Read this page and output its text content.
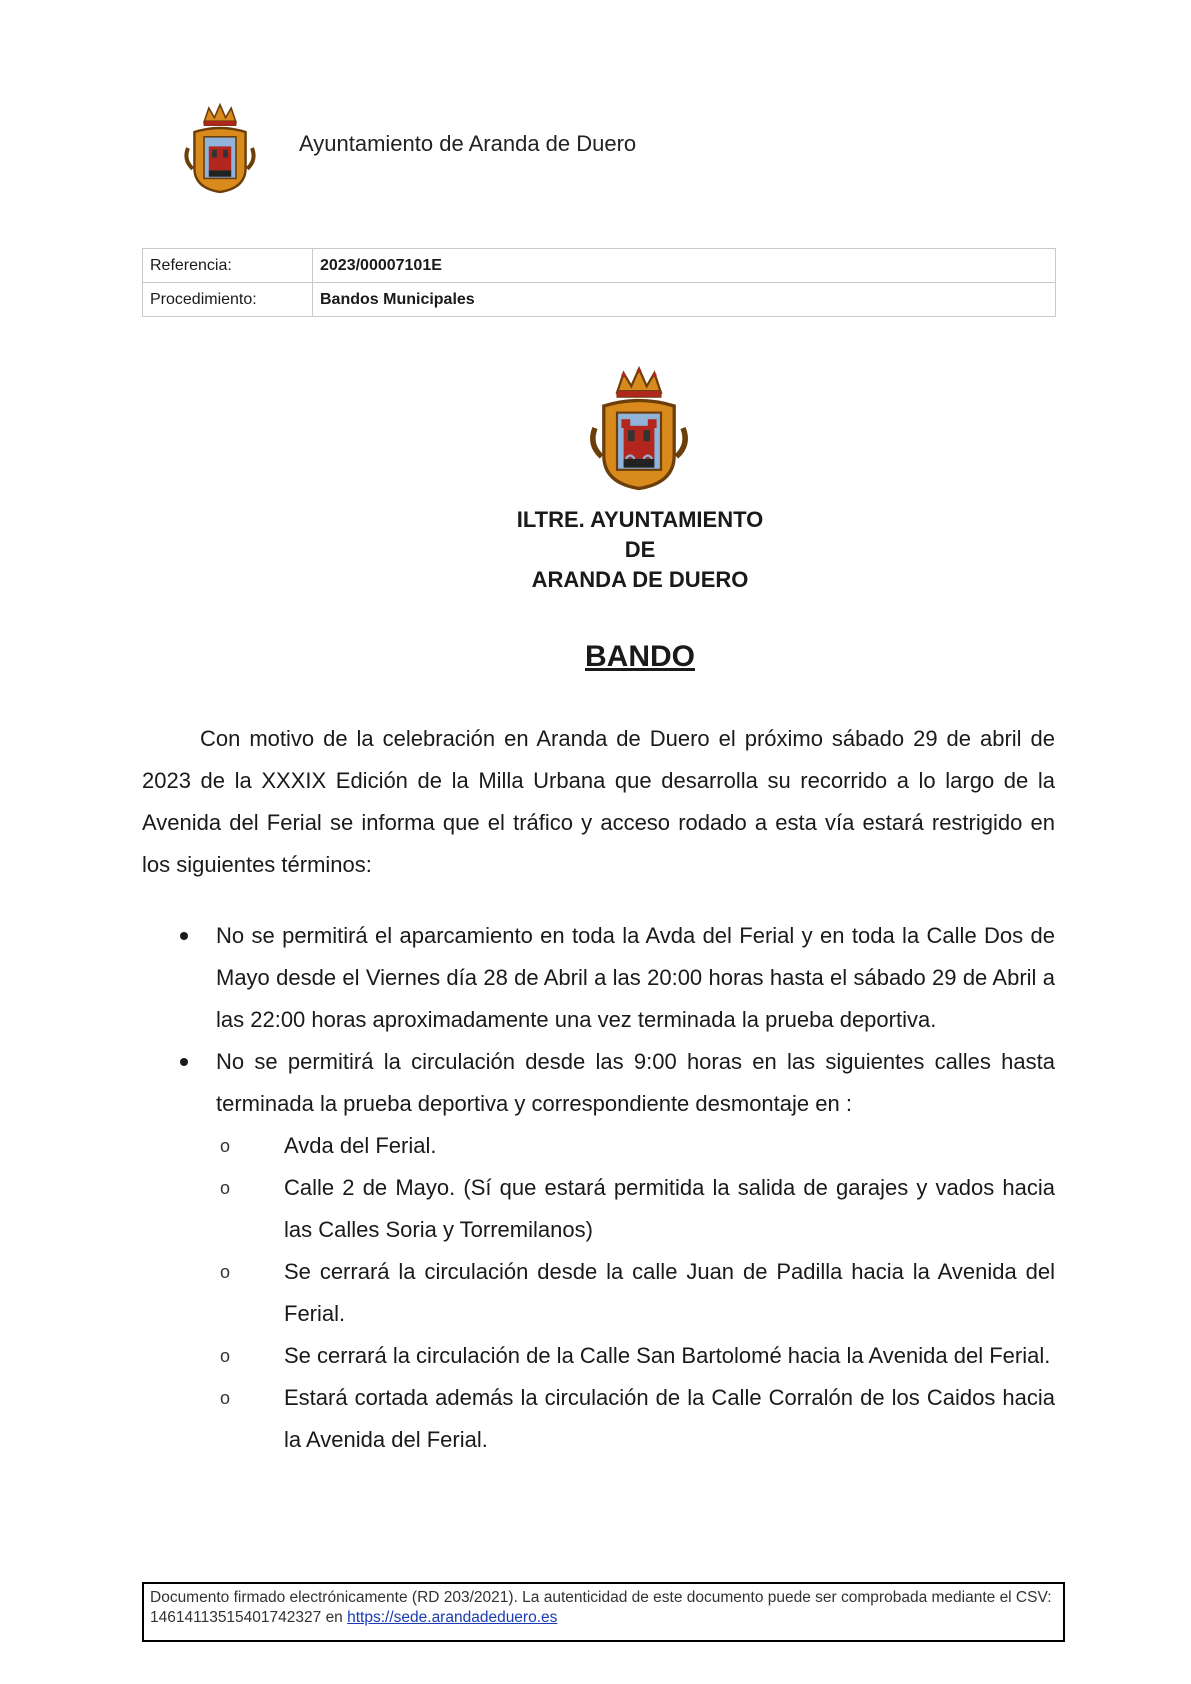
Ayuntamiento de Aranda de Duero
Referencia:	2023/00007101E
Procedimiento:	Bandos Municipales
ILTRE. AYUNTAMIENTO
DE
ARANDA DE DUERO
BANDO

Con motivo de la celebración en Aranda de Duero el próximo sábado 29 de abril de 2023 de la XXXIX Edición de la Milla Urbana que desarrolla su recorrido a lo largo de la Avenida del Ferial se informa que el tráfico y acceso rodado a esta vía estará restrigido en los siguientes términos:

No se permitirá el aparcamiento en toda la Avda del Ferial y en toda la Calle Dos de Mayo desde el Viernes día 28 de Abril a las 20:00 horas hasta el sábado 29 de Abril a las 22:00 horas aproximadamente una vez terminada la prueba deportiva.
No se permitirá la circulación desde las 9:00 horas en las siguientes calles hasta terminada la prueba deportiva y correspondiente desmontaje en :
o Avda del Ferial.
o Calle 2 de Mayo. (Sí que estará permitida la salida de garajes y vados hacia las Calles Soria y Torremilanos)
o Se cerrará la circulación desde la calle Juan de Padilla hacia la Avenida del Ferial.
o Se cerrará la circulación de la Calle San Bartolomé hacia la Avenida del Ferial.
o Estará cortada además la circulación de la Calle Corralón de los Caidos hacia la Avenida del Ferial.
Documento firmado electrónicamente (RD 203/2021). La autenticidad de este documento puede ser comprobada mediante el CSV: 14614113515401742327 en https://sede.arandadeduero.es
